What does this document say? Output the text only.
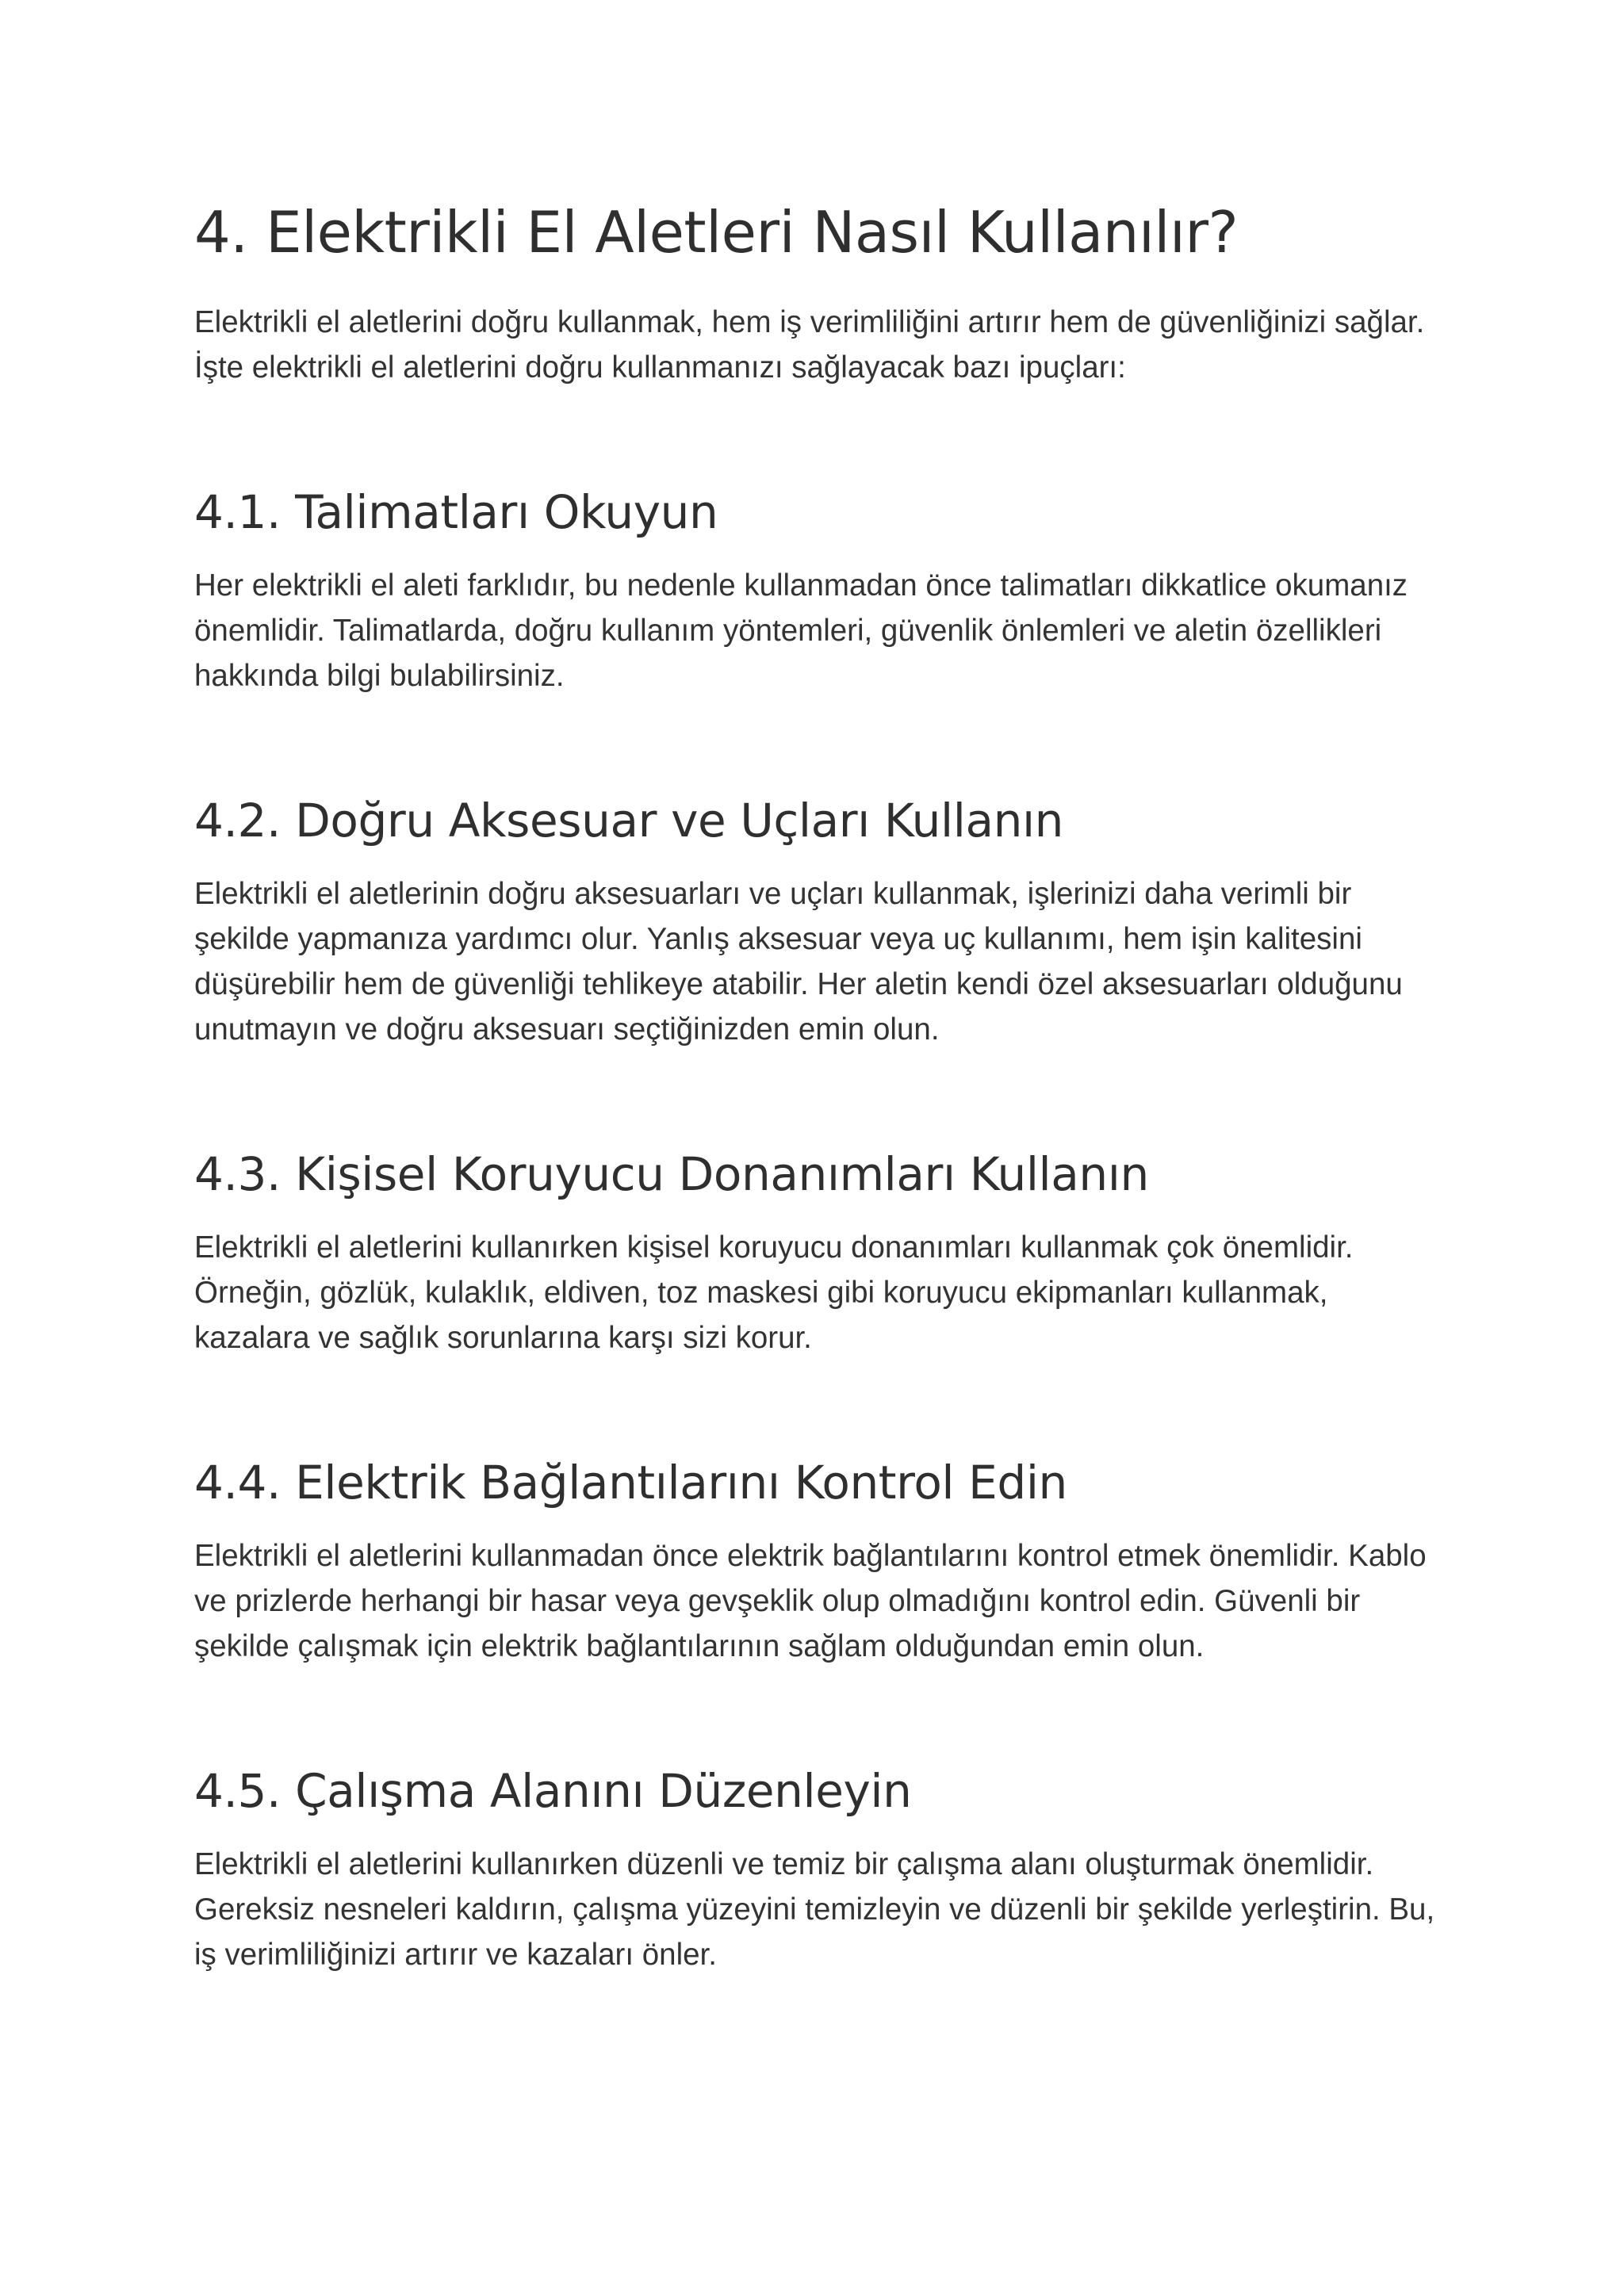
4. Elektrikli El Aletleri Nasıl Kullanılır?

Elektrikli el aletlerini doğru kullanmak, hem iş verimliliğini artırır hem de güvenliğinizi sağlar. İşte elektrikli el aletlerini doğru kullanmanızı sağlayacak bazı ipuçları:

4.1. Talimatları Okuyun

Her elektrikli el aleti farklıdır, bu nedenle kullanmadan önce talimatları dikkatlice okumanız önemlidir. Talimatlarda, doğru kullanım yöntemleri, güvenlik önlemleri ve aletin özellikleri hakkında bilgi bulabilirsiniz.

4.2. Doğru Aksesuar ve Uçları Kullanın

Elektrikli el aletlerinin doğru aksesuarları ve uçları kullanmak, işlerinizi daha verimli bir şekilde yapmanıza yardımcı olur. Yanlış aksesuar veya uç kullanımı, hem işin kalitesini düşürebilir hem de güvenliği tehlikeye atabilir. Her aletin kendi özel aksesuarları olduğunu unutmayın ve doğru aksesuarı seçtiğinizden emin olun.

4.3. Kişisel Koruyucu Donanımları Kullanın

Elektrikli el aletlerini kullanırken kişisel koruyucu donanımları kullanmak çok önemlidir. Örneğin, gözlük, kulaklık, eldiven, toz maskesi gibi koruyucu ekipmanları kullanmak, kazalara ve sağlık sorunlarına karşı sizi korur.

4.4. Elektrik Bağlantılarını Kontrol Edin

Elektrikli el aletlerini kullanmadan önce elektrik bağlantılarını kontrol etmek önemlidir. Kablo ve prizlerde herhangi bir hasar veya gevşeklik olup olmadığını kontrol edin. Güvenli bir şekilde çalışmak için elektrik bağlantılarının sağlam olduğundan emin olun.

4.5. Çalışma Alanını Düzenleyin

Elektrikli el aletlerini kullanırken düzenli ve temiz bir çalışma alanı oluşturmak önemlidir. Gereksiz nesneleri kaldırın, çalışma yüzeyini temizleyin ve düzenli bir şekilde yerleştirin. Bu, iş verimliliğinizi artırır ve kazaları önler.
